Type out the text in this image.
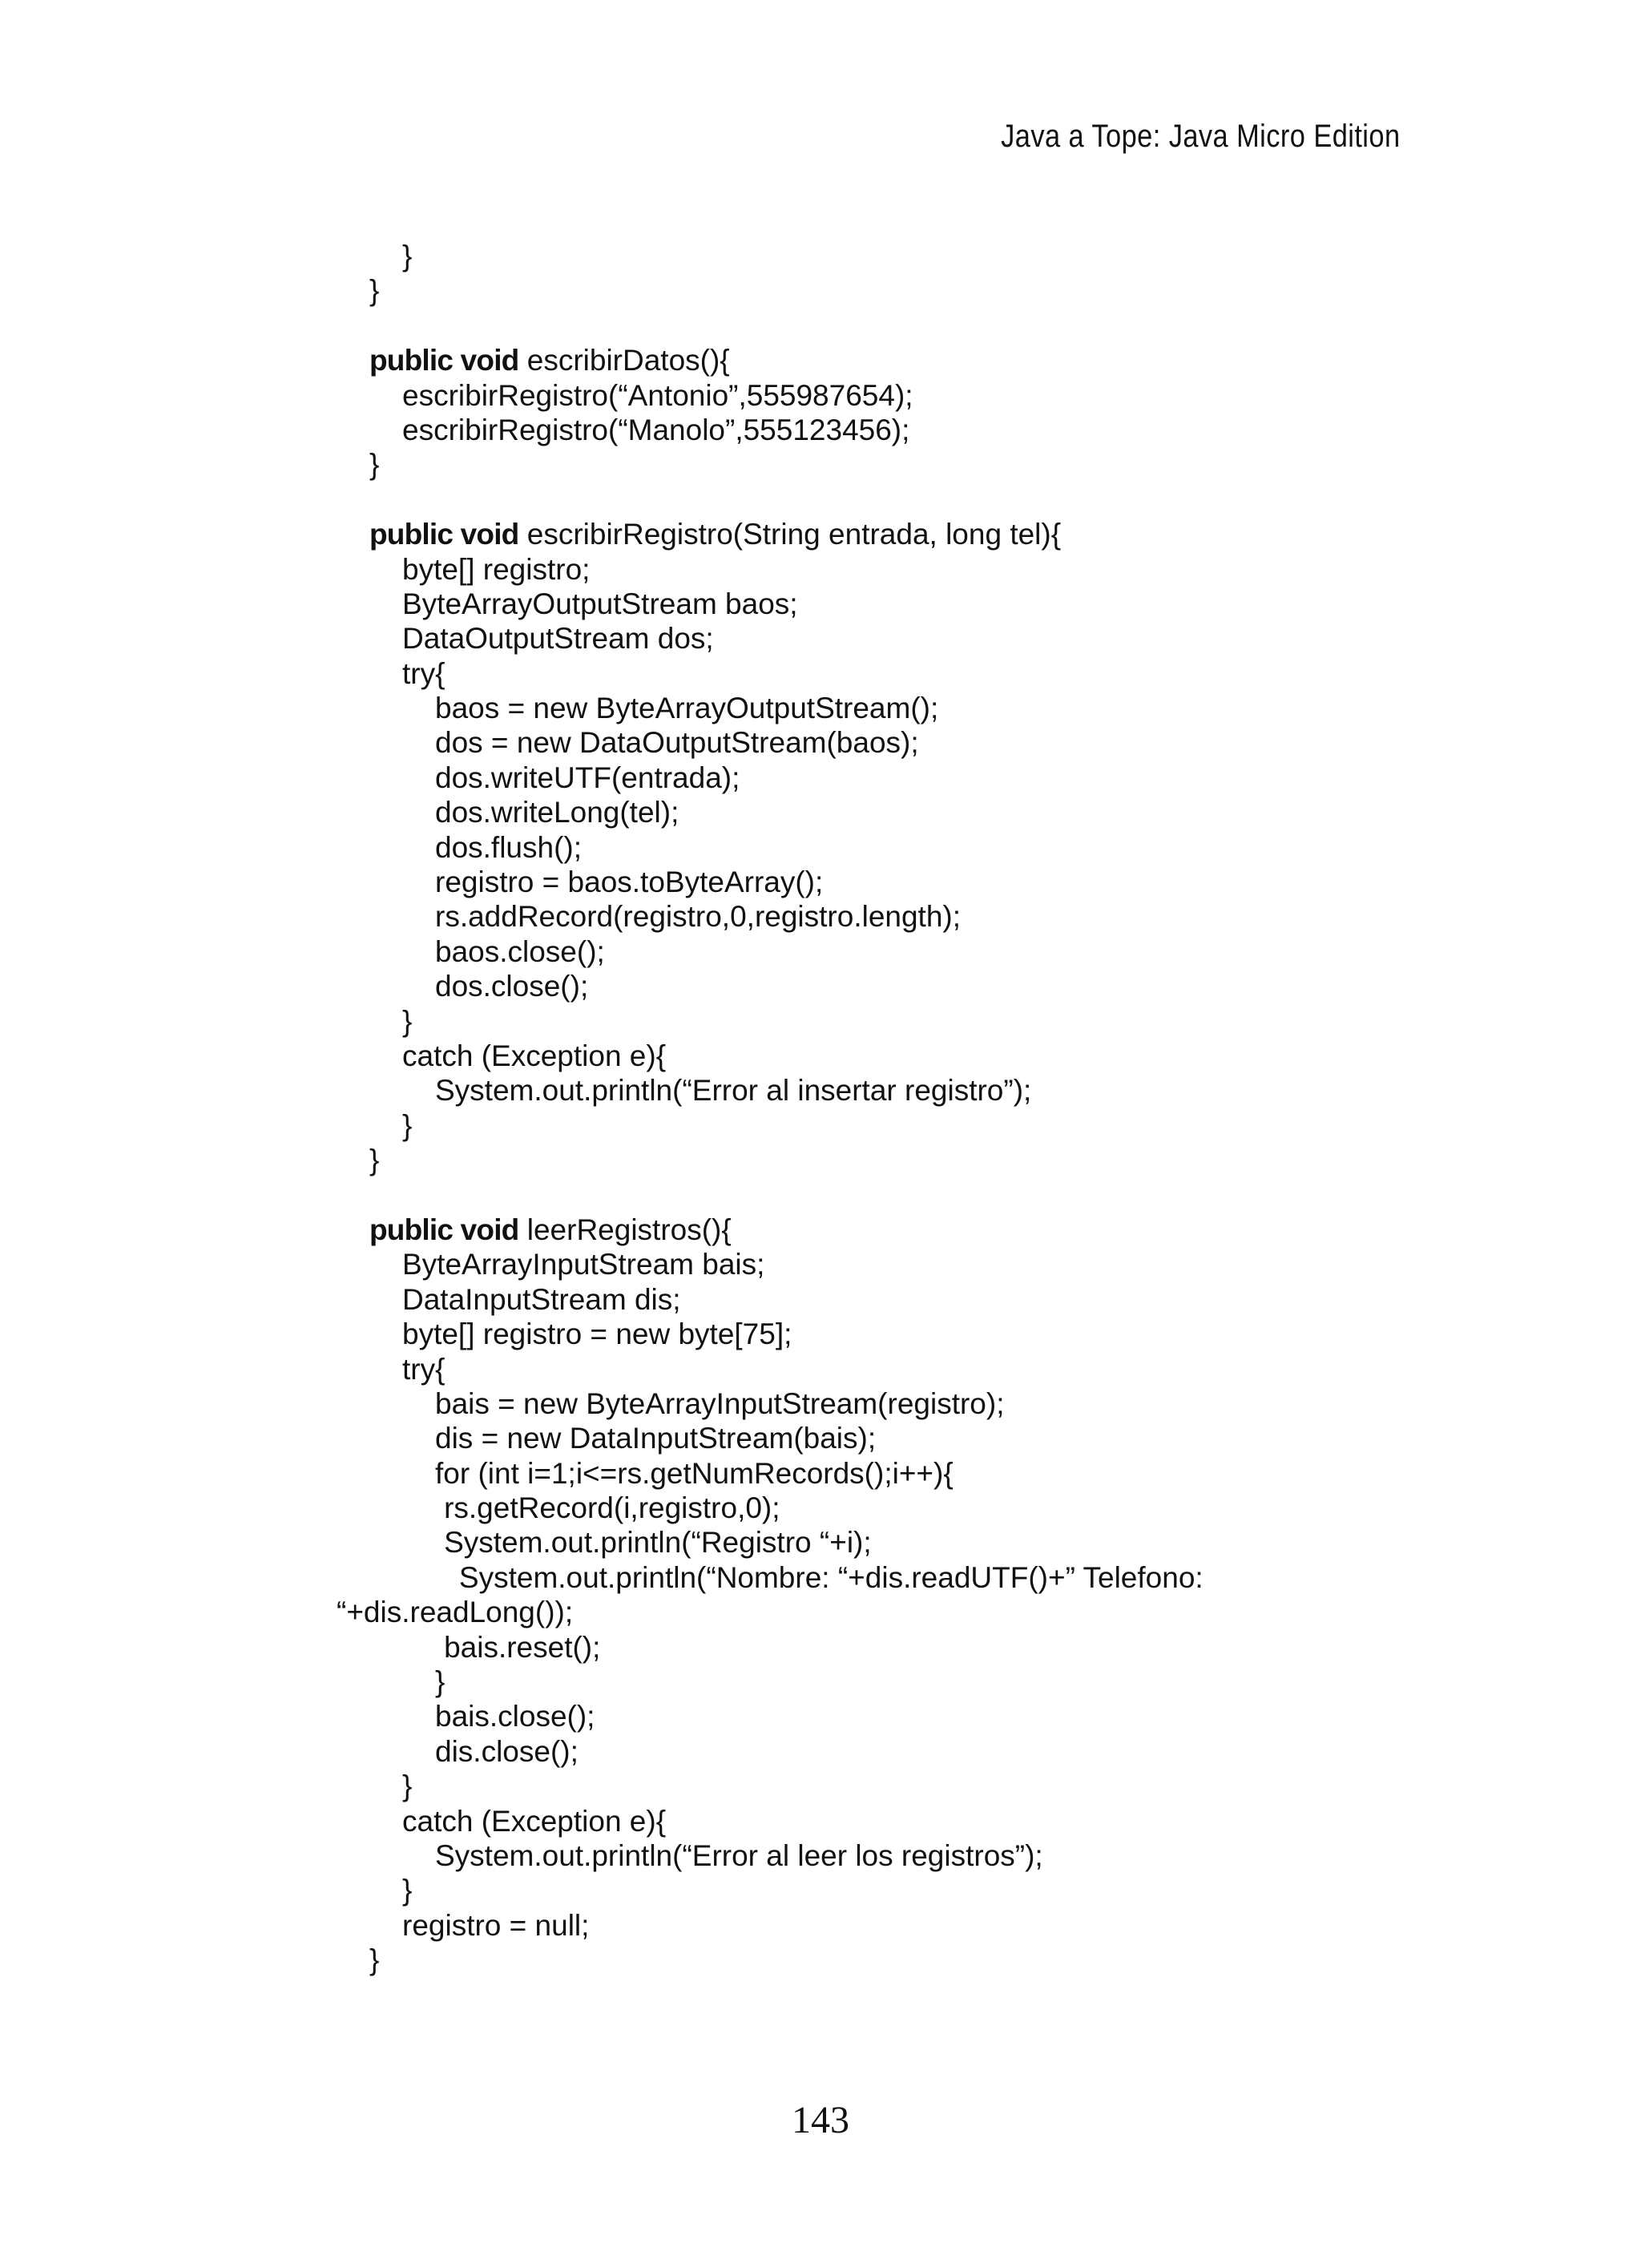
Java a Tope: Java Micro Edition
}
}
public void escribirDatos(){
escribirRegistro(“Antonio”,555987654);
escribirRegistro(“Manolo”,555123456);
}
public void escribirRegistro(String entrada, long tel){
byte[] registro;
ByteArrayOutputStream baos;
DataOutputStream dos;
try{
baos = new ByteArrayOutputStream();
dos = new DataOutputStream(baos);
dos.writeUTF(entrada);
dos.writeLong(tel);
dos.flush();
registro = baos.toByteArray();
rs.addRecord(registro,0,registro.length);
baos.close();
dos.close();
}
catch (Exception e){
System.out.println(“Error al insertar registro”);
}
}
public void leerRegistros(){
ByteArrayInputStream bais;
DataInputStream dis;
byte[] registro = new byte[75];
try{
bais = new ByteArrayInputStream(registro);
dis = new DataInputStream(bais);
for (int i=1;i<=rs.getNumRecords();i++){
rs.getRecord(i,registro,0);
System.out.println(“Registro “+i);
System.out.println(“Nombre: “+dis.readUTF()+” Telefono:
“+dis.readLong());
bais.reset();
}
bais.close();
dis.close();
}
catch (Exception e){
System.out.println(“Error al leer los registros”);
}
registro = null;
}
143
